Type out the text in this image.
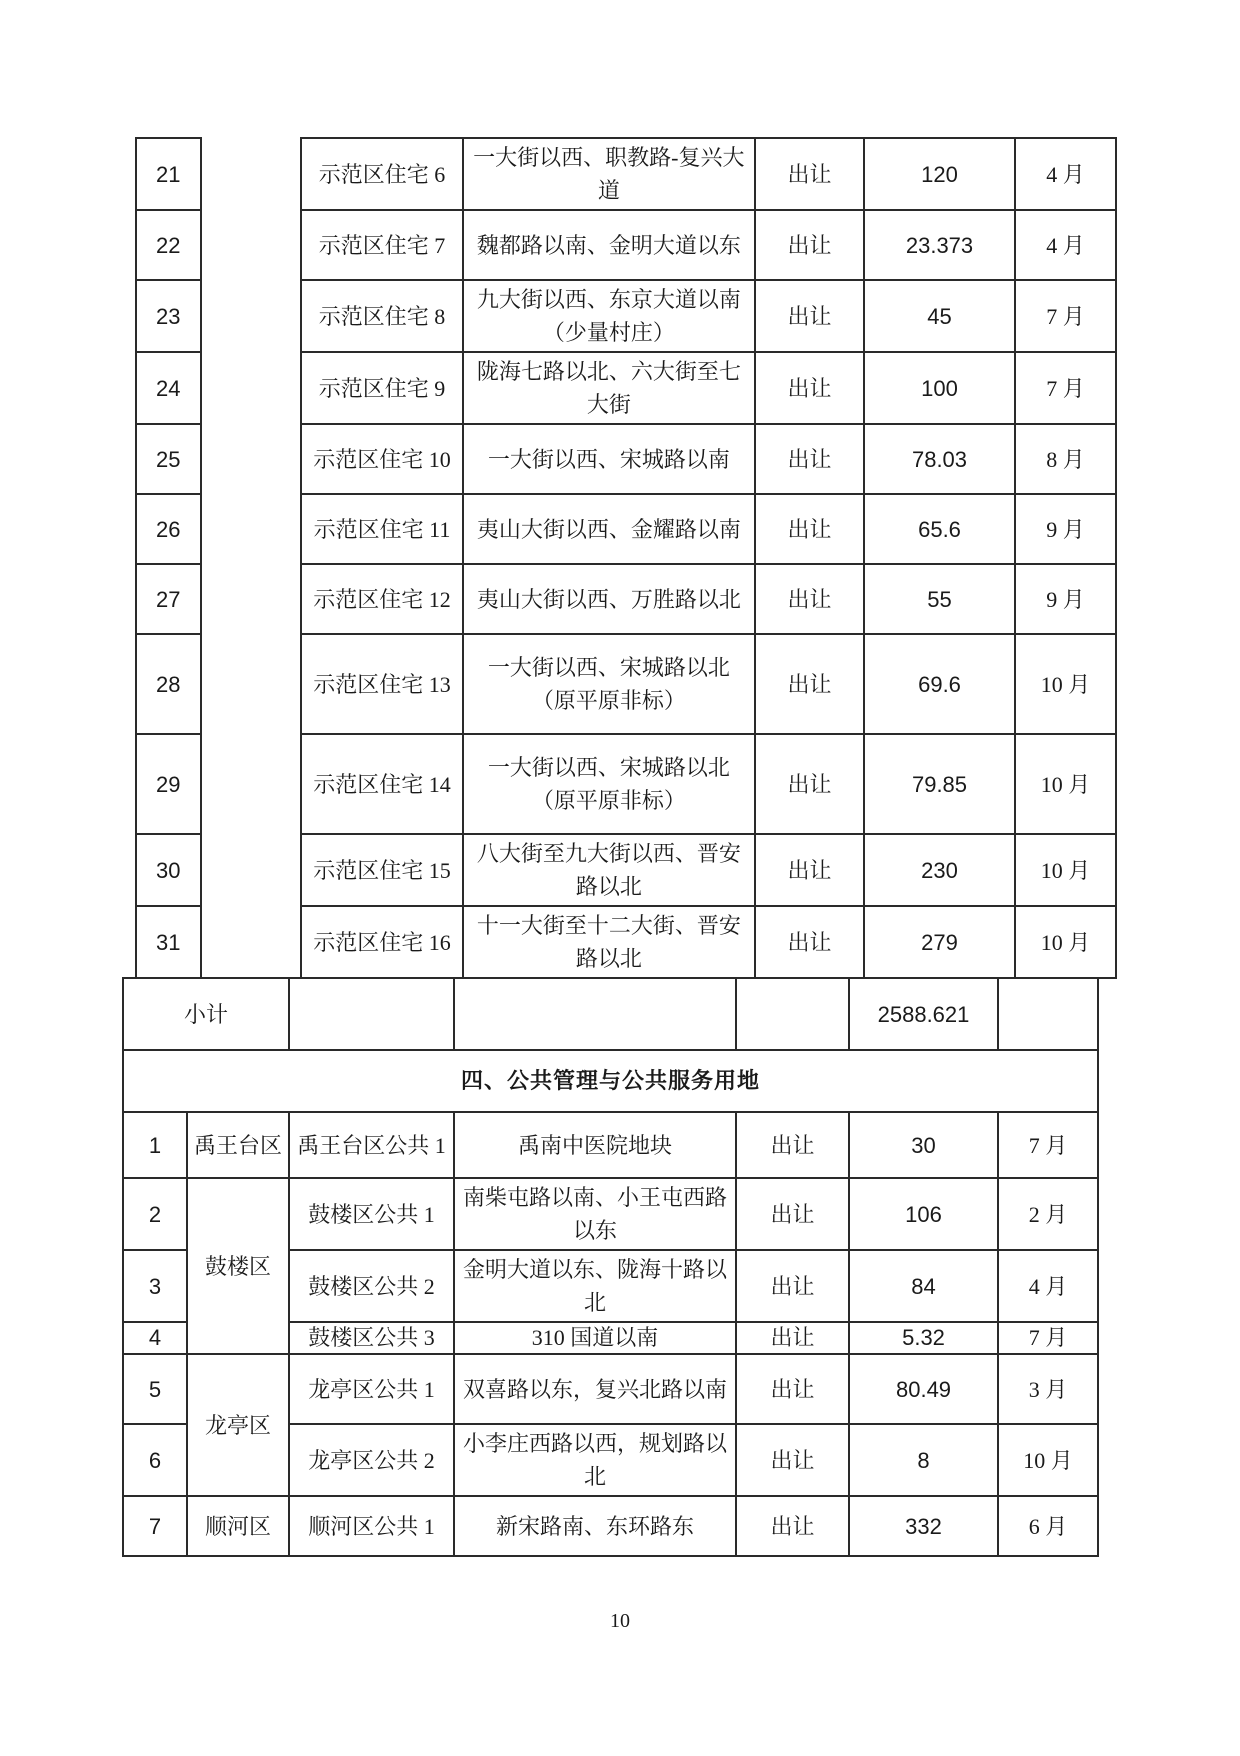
21		示范区住宅 6	一大街以西、职教路-复兴大道	出让	120	4 月
22		示范区住宅 7	魏都路以南、金明大道以东	出让	23.373	4 月
23		示范区住宅 8	九大街以西、东京大道以南（少量村庄）	出让	45	7 月
24		示范区住宅 9	陇海七路以北、六大街至七大街	出让	100	7 月
25		示范区住宅 10	一大街以西、宋城路以南	出让	78.03	8 月
26		示范区住宅 11	夷山大街以西、金耀路以南	出让	65.6	9 月
27		示范区住宅 12	夷山大街以西、万胜路以北	出让	55	9 月
28		示范区住宅 13	一大街以西、宋城路以北（原平原非标）	出让	69.6	10 月
29		示范区住宅 14	一大街以西、宋城路以北（原平原非标）	出让	79.85	10 月
30		示范区住宅 15	八大街至九大街以西、晋安路以北	出让	230	10 月
31		示范区住宅 16	十一大街至十二大街、晋安路以北	出让	279	10 月
小计					2588.621	
四、公共管理与公共服务用地						
1	禹王台区	禹王台区公共 1	禹南中医院地块	出让	30	7 月
2	鼓楼区	鼓楼区公共 1	南柴屯路以南、小王屯西路以东	出让	106	2 月
3		鼓楼区公共 2	金明大道以东、陇海十路以北	出让	84	4 月
4		鼓楼区公共 3	310 国道以南	出让	5.32	7 月
5	龙亭区	龙亭区公共 1	双喜路以东，复兴北路以南	出让	80.49	3 月
6		龙亭区公共 2	小李庄西路以西，规划路以北	出让	8	10 月
7	顺河区	顺河区公共 1	新宋路南、东环路东	出让	332	6 月
10
